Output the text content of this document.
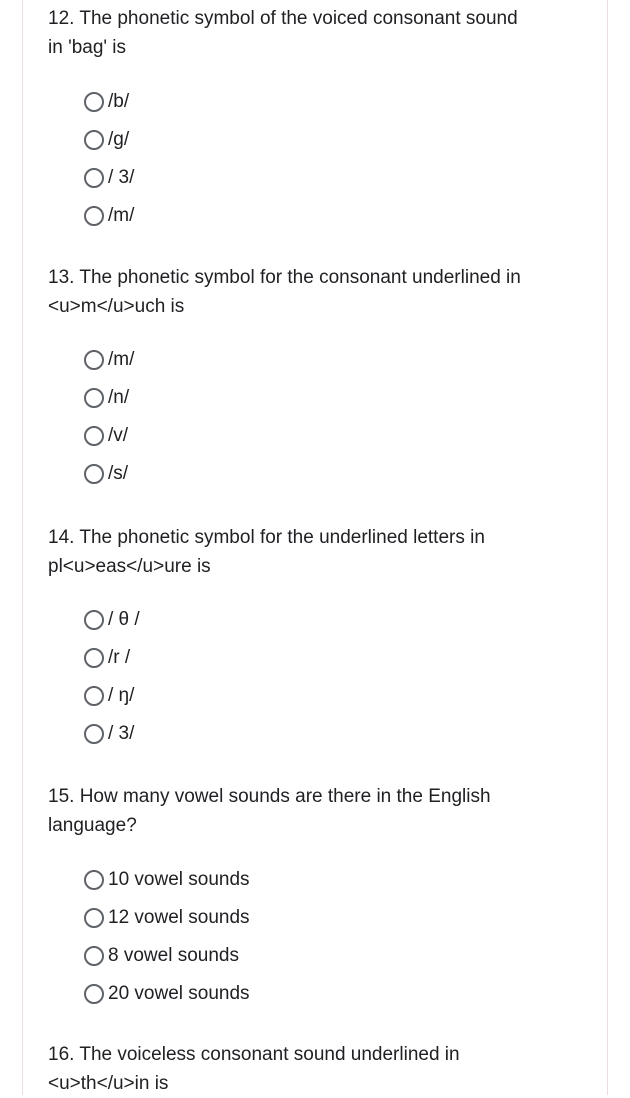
12. The phonetic symbol of the voiced consonant sound
in 'bag' is

/b/
/g/
/ 3/
/m/

13. The phonetic symbol for the consonant underlined in
<u>m</u>uch is

/m/
/n/
/v/
/s/

14. The phonetic symbol for the underlined letters in
pl<u>eas</u>ure is

/ θ /
/r /
/ ŋ/
/ 3/

15. How many vowel sounds are there in the English
language?

10 vowel sounds
12 vowel sounds
8 vowel sounds
20 vowel sounds

16. The voiceless consonant sound underlined in
<u>th</u>in is
